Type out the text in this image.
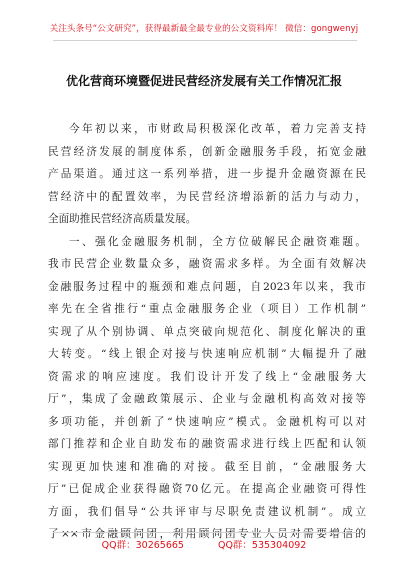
关注头条号“公文研究”，获得最新最全最专业的公文资料库！ 微信：gongwenyj
优化营商环境暨促进民营经济发展有关工作情况汇报
今年初以来，市财政局积极深化改革，着力完善支持
民营经济发展的制度体系，创新金融服务手段，拓宽金融
产品渠道。通过这一系列举措，进一步提升金融资源在民
营经济中的配置效率，为民营经济增添新的活力与动力，
全面助推民营经济高质量发展。
一、强化金融服务机制，全方位破解民企融资难题。
我市民营企业数量众多，融资需求多样。为全面有效解决
金融服务过程中的瓶颈和难点问题，自2023年以来，我市
率先在全省推行“重点金融服务企业（项目）工作机制”
实现了从个别协调、单点突破向规范化、制度化解决的重
大转变。“线上银企对接与快速响应机制”大幅提升了融
资需求的响应速度。我们设计开发了线上“金融服务大
厅”，集成了金融政策展示、企业与金融机构高效对接等
多项功能，并创新了“快速响应”模式。金融机构可以对
部门推荐和企业自助发布的融资需求进行线上匹配和认领
实现更加快速和准确的对接。截至目前，“金融服务大
厅”已促成企业获得融资70亿元。在提高企业融资可得性
方面，我们倡导“公共评审与尽职免责建议机制”。成立
了××市金融顾问团，利用顾问团专业人员对需要增信的
QQ群：30265665	QQ群：535304092
